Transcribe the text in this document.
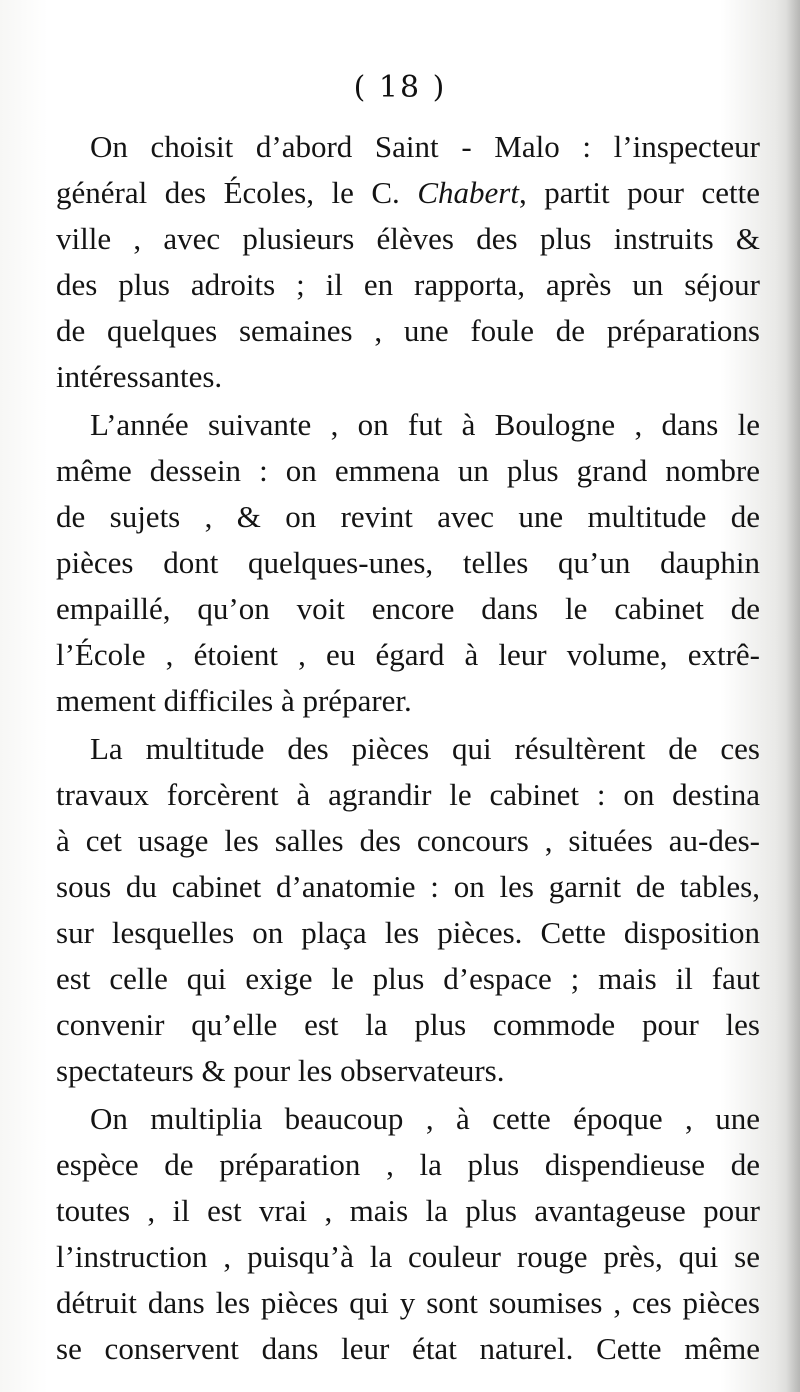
( 18 )
On choisit d’abord Saint - Malo : l’inspecteur
général des Écoles, le C. Chabert, partit pour cette
ville , avec plusieurs élèves des plus instruits &
des plus adroits ; il en rapporta, après un séjour
de quelques semaines , une foule de préparations
intéressantes.
L’année suivante , on fut à Boulogne , dans le
même dessein : on emmena un plus grand nombre
de sujets , & on revint avec une multitude de
pièces dont quelques-unes, telles qu’un dauphin
empaillé, qu’on voit encore dans le cabinet de
l’École , étoient , eu égard à leur volume, extrê-
mement difficiles à préparer.
La multitude des pièces qui résultèrent de ces
travaux forcèrent à agrandir le cabinet : on destina
à cet usage les salles des concours , situées au-des-
sous du cabinet d’anatomie : on les garnit de tables,
sur lesquelles on plaça les pièces. Cette disposition
est celle qui exige le plus d’espace ; mais il faut
convenir qu’elle est la plus commode pour les
spectateurs & pour les observateurs.
On multiplia beaucoup , à cette époque , une
espèce de préparation , la plus dispendieuse de
toutes , il est vrai , mais la plus avantageuse pour
l’instruction , puisqu’à la couleur rouge près, qui se
détruit dans les pièces qui y sont soumises , ces pièces
se conservent dans leur état naturel. Cette même
